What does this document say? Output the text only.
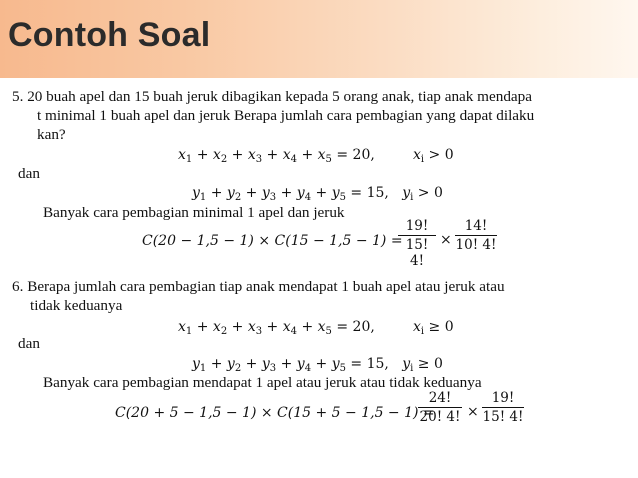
Contoh Soal
5. 20 buah apel dan 15 buah jeruk dibagikan kepada 5 orang anak, tiap anak mendapa
t minimal 1 buah apel dan jeruk Berapa jumlah cara pembagian yang dapat dilaku
kan?
$x_1 + x_2 + x_3 + x_4 + x_5 = 20$,	$x_i > 0$
dan
$y_1 + y_2 + y_3 + y_4 + y_5 = 15$,   $y_i > 0$
Banyak cara pembagian minimal 1 apel dan jeruk
C(20 − 1,5 − 1) × C(15 − 1,5 − 1) =
$\frac{19!}{15! 4!} \times \frac{14!}{10! 4!}$
6. Berapa jumlah cara pembagian tiap anak mendapat 1 buah apel atau jeruk atau
tidak keduanya
$x_1 + x_2 + x_3 + x_4 + x_5 = 20$,	$x_i \ge 0$
dan
$y_1 + y_2 + y_3 + y_4 + y_5 = 15$,   $y_i \ge 0$
Banyak cara pembagian mendapat 1 apel atau jeruk atau tidak keduanya
C(20 + 5 − 1,5 − 1) × C(15 + 5 − 1,5 − 1) =
$\frac{24!}{20! 4!} \times \frac{19!}{15! 4!}$
